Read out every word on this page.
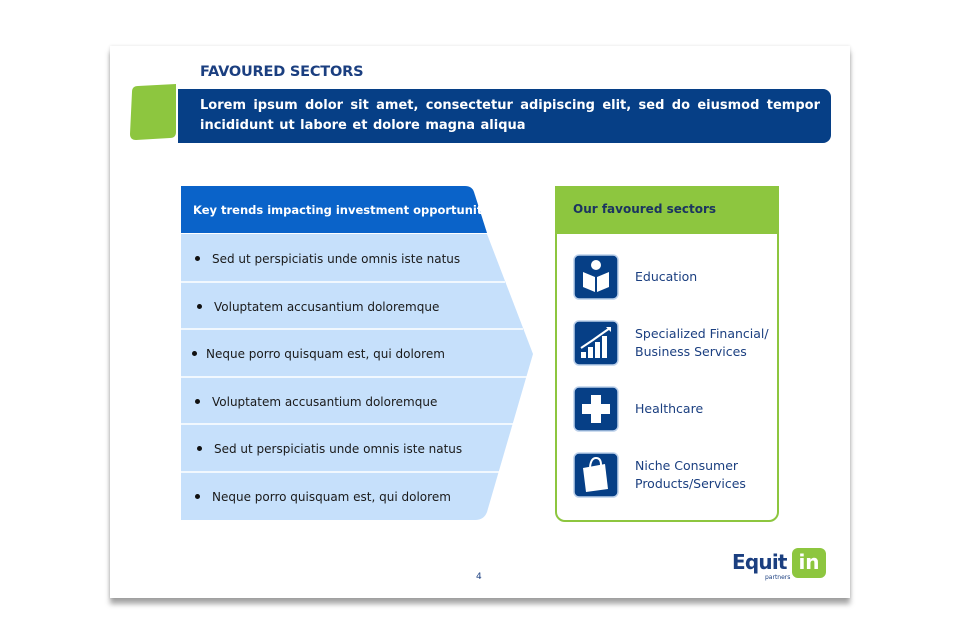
FAVOURED SECTORS
Lorem ipsum dolor sit amet, consectetur adipiscing elit, sed do eiusmod tempor incididunt ut labore et dolore magna aliqua
Key trends impacting investment opportunity
Sed ut perspiciatis unde omnis iste natus
Voluptatem accusantium doloremque
Neque porro quisquam est, qui dolorem
Voluptatem accusantium doloremque
Sed ut perspiciatis unde omnis iste natus
Neque porro quisquam est, qui dolorem
Our favoured sectors
Education
Specialized Financial/
Business Services
Healthcare
Niche Consumer
Products/Services
4
Equit in
partners
